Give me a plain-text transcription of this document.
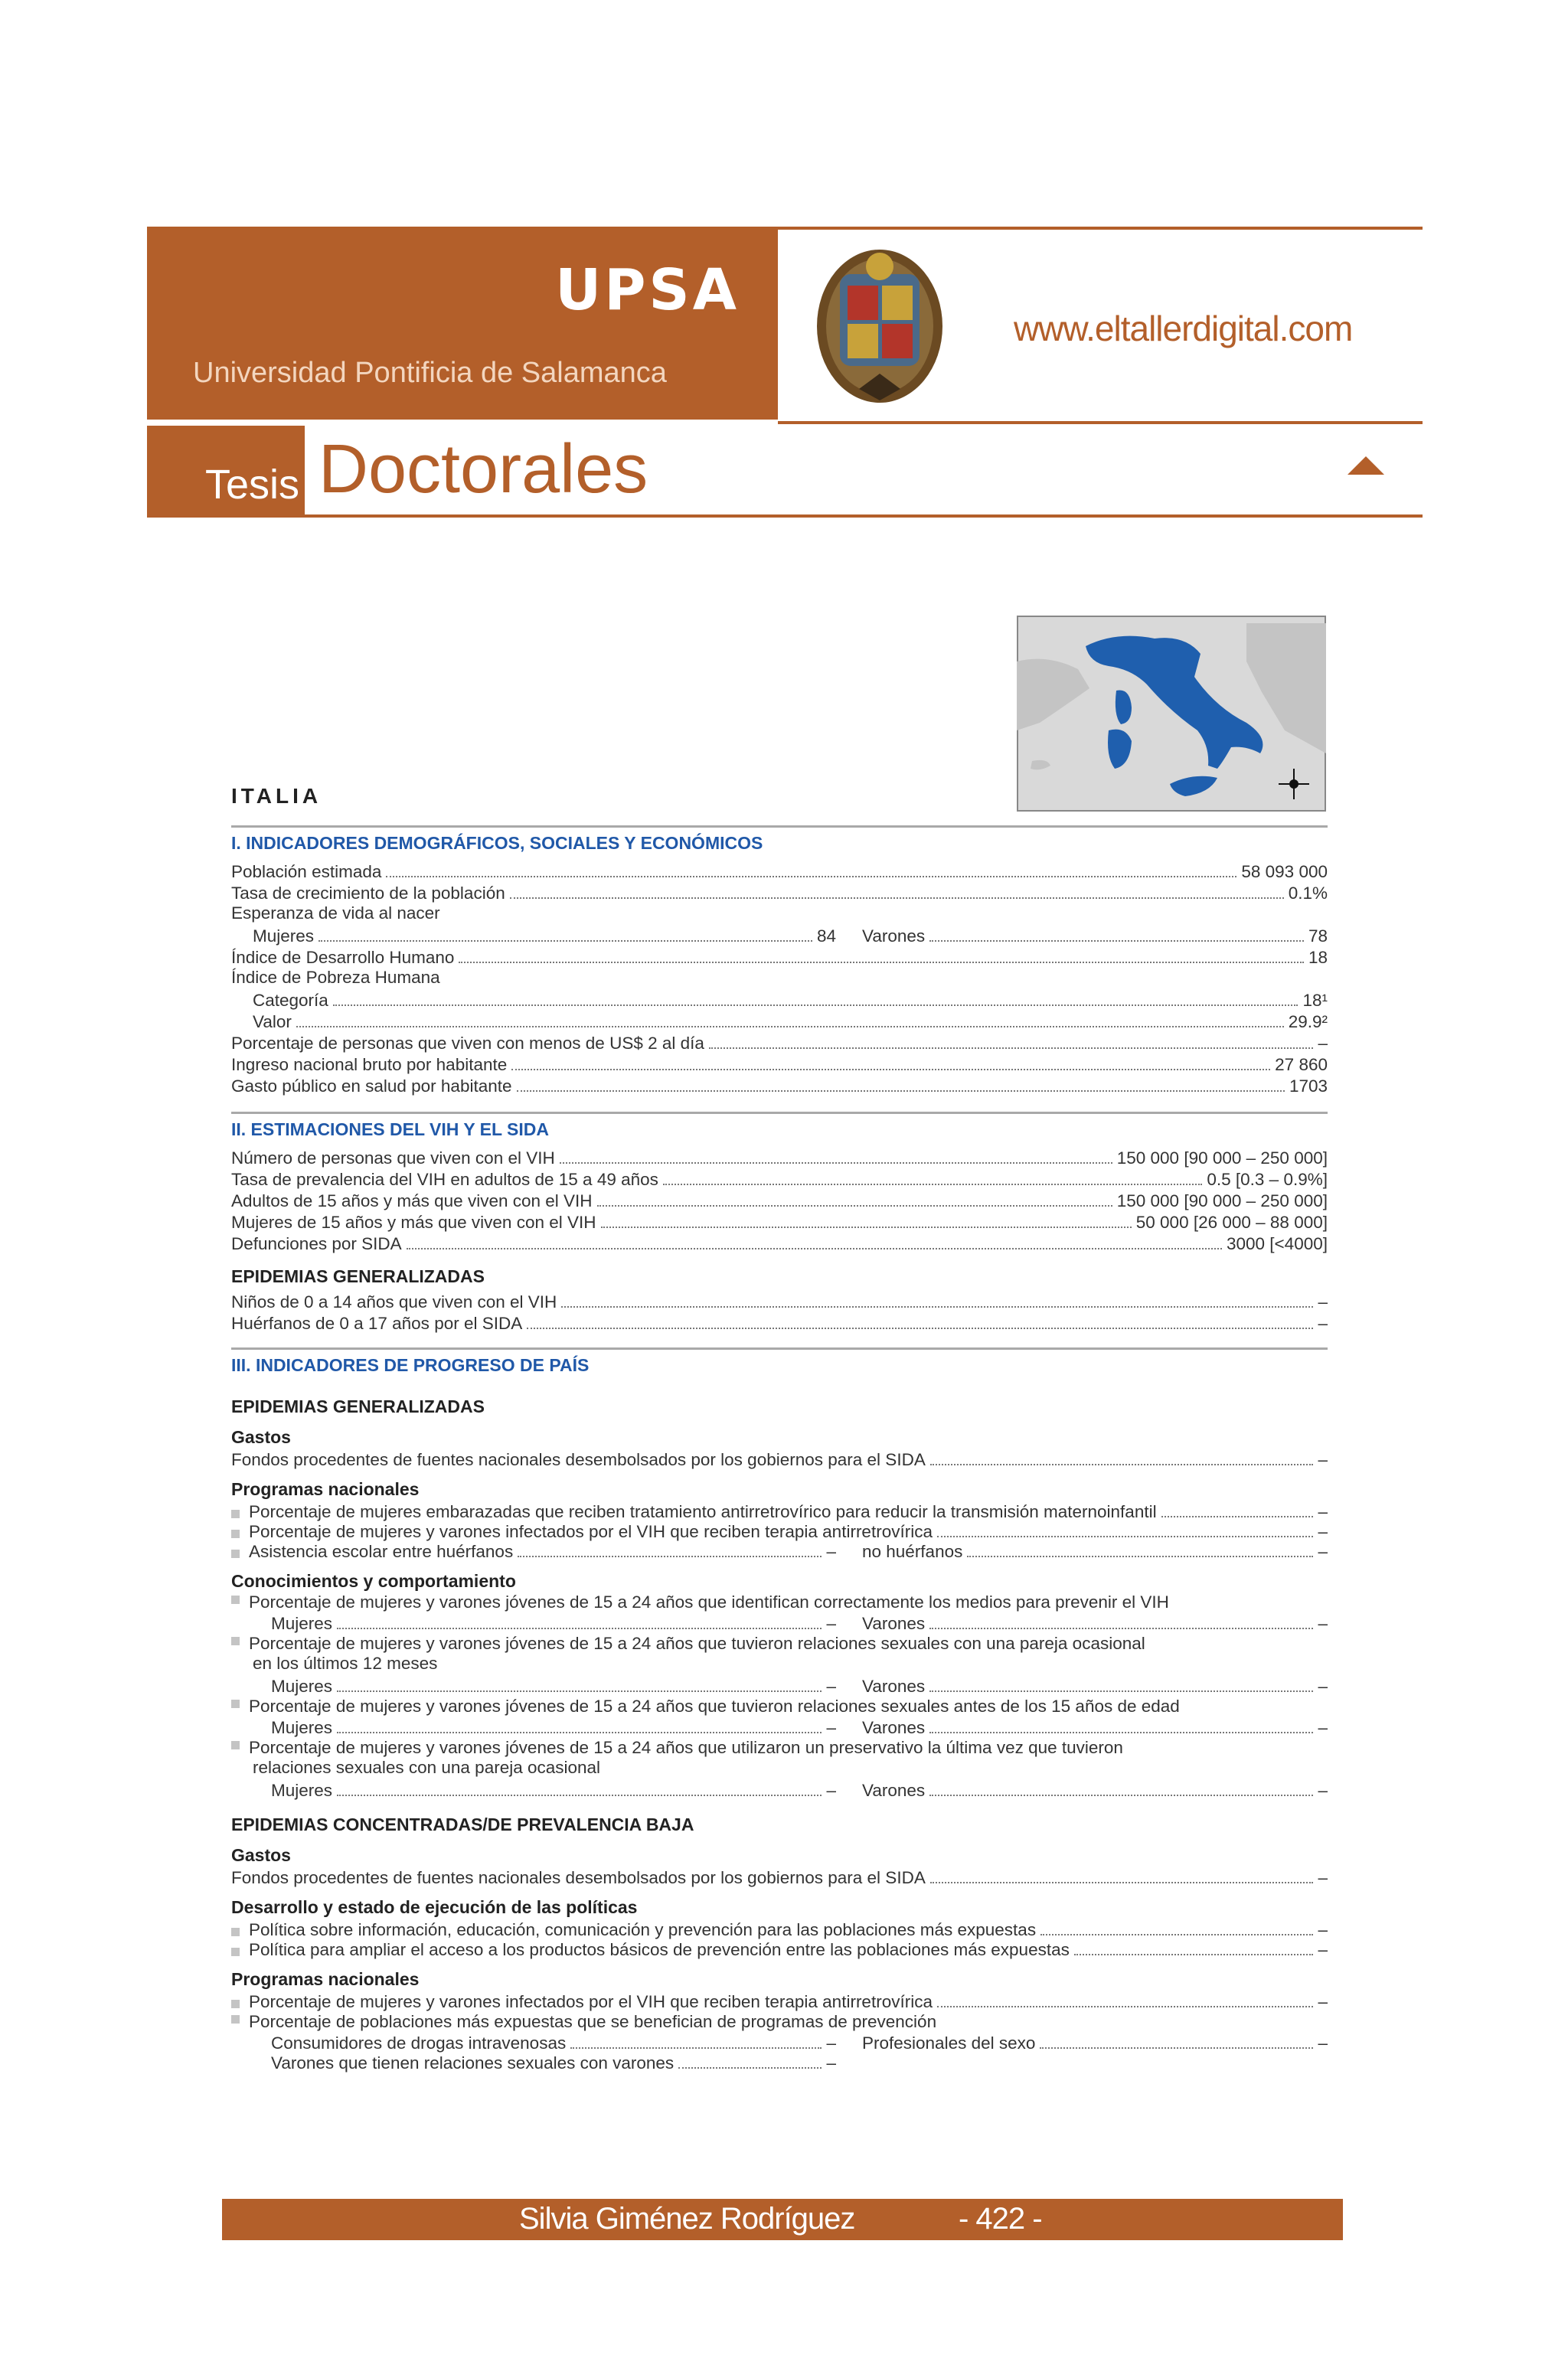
UPSA
Universidad Pontificia de Salamanca
www.eltallerdigital.com
Tesis Doctorales
ITALIA
I. INDICADORES DEMOGRÁFICOS, SOCIALES Y ECONÓMICOS
Población estimada	58 093 000
Tasa de crecimiento de la población	0.1%
Esperanza de vida al nacer
Mujeres	84 Varones	78
Índice de Desarrollo Humano	18
Índice de Pobreza Humana
Categoría	18¹
Valor	29.9²
Porcentaje de personas que viven con menos de US$ 2 al día	–
Ingreso nacional bruto por habitante	27 860
Gasto público en salud por habitante	1703
II. ESTIMACIONES DEL VIH Y EL SIDA
Número de personas que viven con el VIH	150 000 [90 000 – 250 000]
Tasa de prevalencia del VIH en adultos de 15 a 49 años	0.5 [0.3 – 0.9%]
Adultos de 15 años y más que viven con el VIH	150 000 [90 000 – 250 000]
Mujeres de 15 años y más que viven con el VIH	50 000 [26 000 – 88 000]
Defunciones por SIDA	3000 [<4000]
EPIDEMIAS GENERALIZADAS
Niños de 0 a 14 años que viven con el VIH	–
Huérfanos de 0 a 17 años por el SIDA	–
III. INDICADORES DE PROGRESO DE PAÍS
EPIDEMIAS GENERALIZADAS
Gastos
Fondos procedentes de fuentes nacionales desembolsados por los gobiernos para el SIDA	–
Programas nacionales
Porcentaje de mujeres embarazadas que reciben tratamiento antirretrovírico para reducir la transmisión maternoinfantil	–
Porcentaje de mujeres y varones infectados por el VIH que reciben terapia antirretrovírica	–
Asistencia escolar entre huérfanos	– no huérfanos	–
Conocimientos y comportamiento
Porcentaje de mujeres y varones jóvenes de 15 a 24 años que identifican correctamente los medios para prevenir el VIH
Mujeres	– Varones	–
Porcentaje de mujeres y varones jóvenes de 15 a 24 años que tuvieron relaciones sexuales con una pareja ocasional
en los últimos 12 meses
Mujeres	– Varones	–
Porcentaje de mujeres y varones jóvenes de 15 a 24 años que tuvieron relaciones sexuales antes de los 15 años de edad
Mujeres	– Varones	–
Porcentaje de mujeres y varones jóvenes de 15 a 24 años que utilizaron un preservativo la última vez que tuvieron
relaciones sexuales con una pareja ocasional
Mujeres	– Varones	–
EPIDEMIAS CONCENTRADAS/DE PREVALENCIA BAJA
Gastos
Fondos procedentes de fuentes nacionales desembolsados por los gobiernos para el SIDA	–
Desarrollo y estado de ejecución de las políticas
Política sobre información, educación, comunicación y prevención para las poblaciones más expuestas	–
Política para ampliar el acceso a los productos básicos de prevención entre las poblaciones más expuestas	–
Programas nacionales
Porcentaje de mujeres y varones infectados por el VIH que reciben terapia antirretrovírica	–
Porcentaje de poblaciones más expuestas que se benefician de programas de prevención
Consumidores de drogas intravenosas	– Profesionales del sexo	–
Varones que tienen relaciones sexuales con varones	–
Silvia Giménez Rodríguez	- 422 -
